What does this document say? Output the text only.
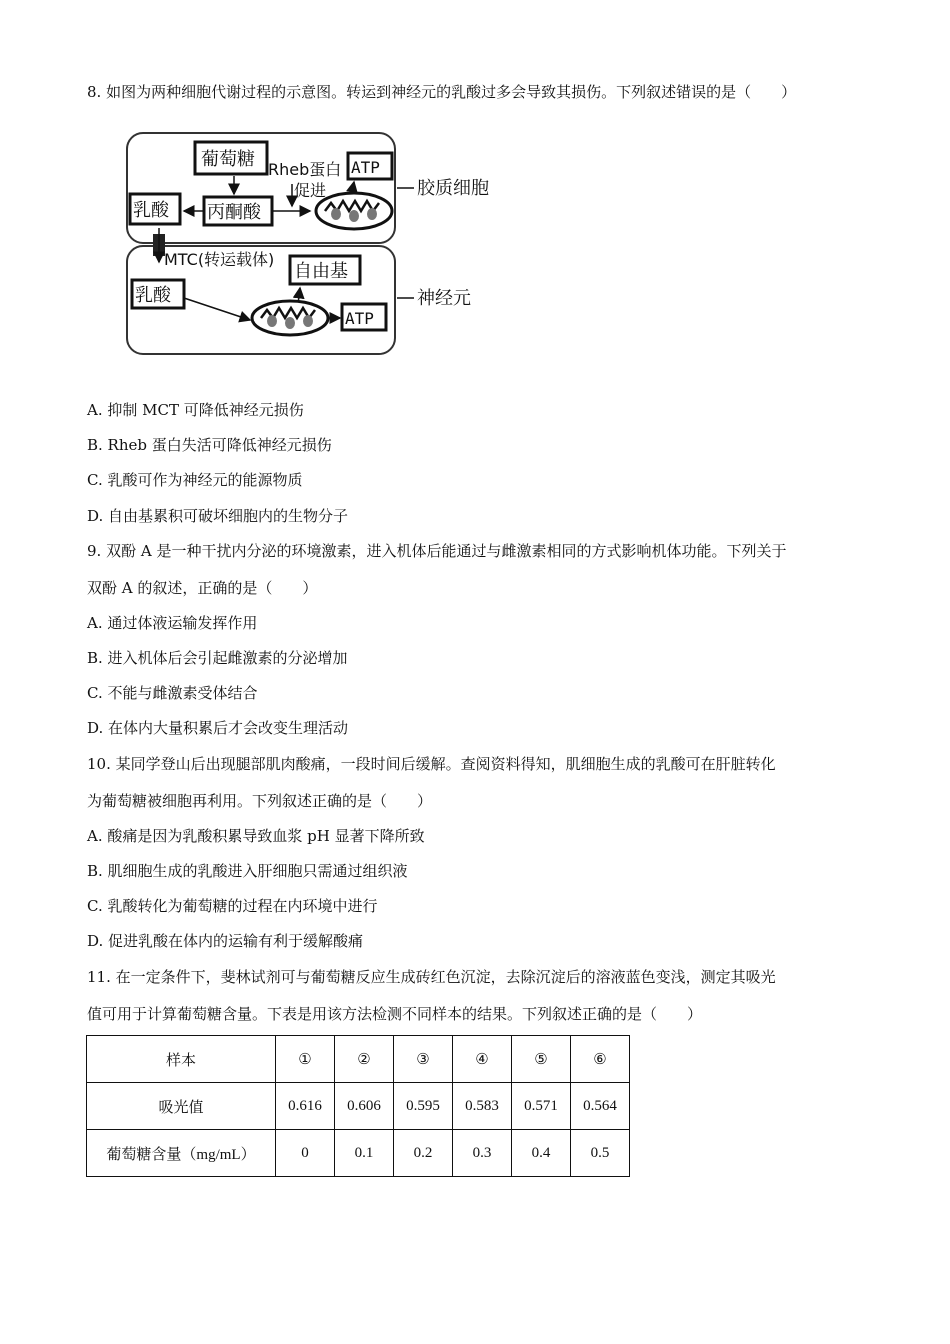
8. 如图为两种细胞代谢过程的示意图。转运到神经元的乳酸过多会导致其损伤。下列叙述错误的是（　　）
葡萄糖
丙酮酸
乳酸
Rheb蛋白
促进
ATP
胶质细胞
MTC(转运载体)
自由基
乳酸
ATP
神经元
A. 抑制 MCT 可降低神经元损伤
B. Rheb 蛋白失活可降低神经元损伤
C. 乳酸可作为神经元的能源物质
D. 自由基累积可破坏细胞内的生物分子
9. 双酚 A 是一种干扰内分泌的环境激素，进入机体后能通过与雌激素相同的方式影响机体功能。下列关于
双酚 A 的叙述，正确的是（　　）
A. 通过体液运输发挥作用
B. 进入机体后会引起雌激素的分泌增加
C. 不能与雌激素受体结合
D. 在体内大量积累后才会改变生理活动
10. 某同学登山后出现腿部肌肉酸痛，一段时间后缓解。查阅资料得知，肌细胞生成的乳酸可在肝脏转化
为葡萄糖被细胞再利用。下列叙述正确的是（　　）
A. 酸痛是因为乳酸积累导致血浆 pH 显著下降所致
B. 肌细胞生成的乳酸进入肝细胞只需通过组织液
C. 乳酸转化为葡萄糖的过程在内环境中进行
D. 促进乳酸在体内的运输有利于缓解酸痛
11. 在一定条件下，斐林试剂可与葡萄糖反应生成砖红色沉淀，去除沉淀后的溶液蓝色变浅，测定其吸光
值可用于计算葡萄糖含量。下表是用该方法检测不同样本的结果。下列叙述正确的是（　　）
样本	①	②	③	④	⑤	⑥
吸光值	0.616	0.606	0.595	0.583	0.571	0.564
葡萄糖含量（mg/mL）	0	0.1	0.2	0.3	0.4	0.5
